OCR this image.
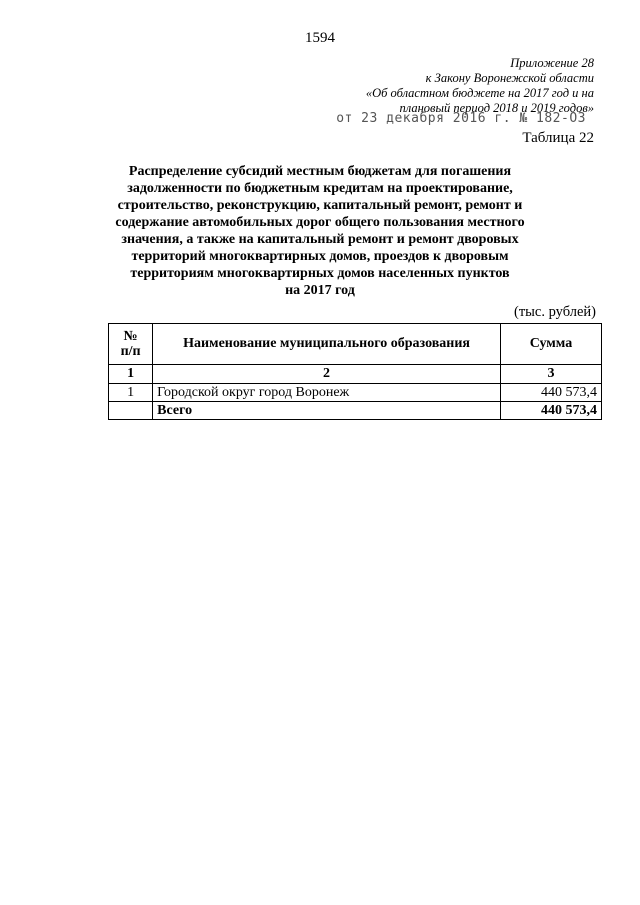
1594
Приложение 28
к Закону Воронежской области
«Об областном бюджете на 2017 год и на
плановый период 2018 и 2019 годов»
от 23 декабря 2016 г. № 182-ОЗ
Таблица 22
Распределение субсидий местным бюджетам для погашения
задолженности по бюджетным кредитам на проектирование,
строительство, реконструкцию, капитальный ремонт, ремонт и
содержание автомобильных дорог общего пользования местного
значения, а также на капитальный ремонт и ремонт дворовых
территорий многоквартирных домов, проездов к дворовым
территориям многоквартирных домов населенных пунктов
на 2017 год
(тыс. рублей)
№
п/п	Наименование муниципального образования	Сумма
1	2	3
1	Городской округ город Воронеж	440 573,4
	Всего	440 573,4
